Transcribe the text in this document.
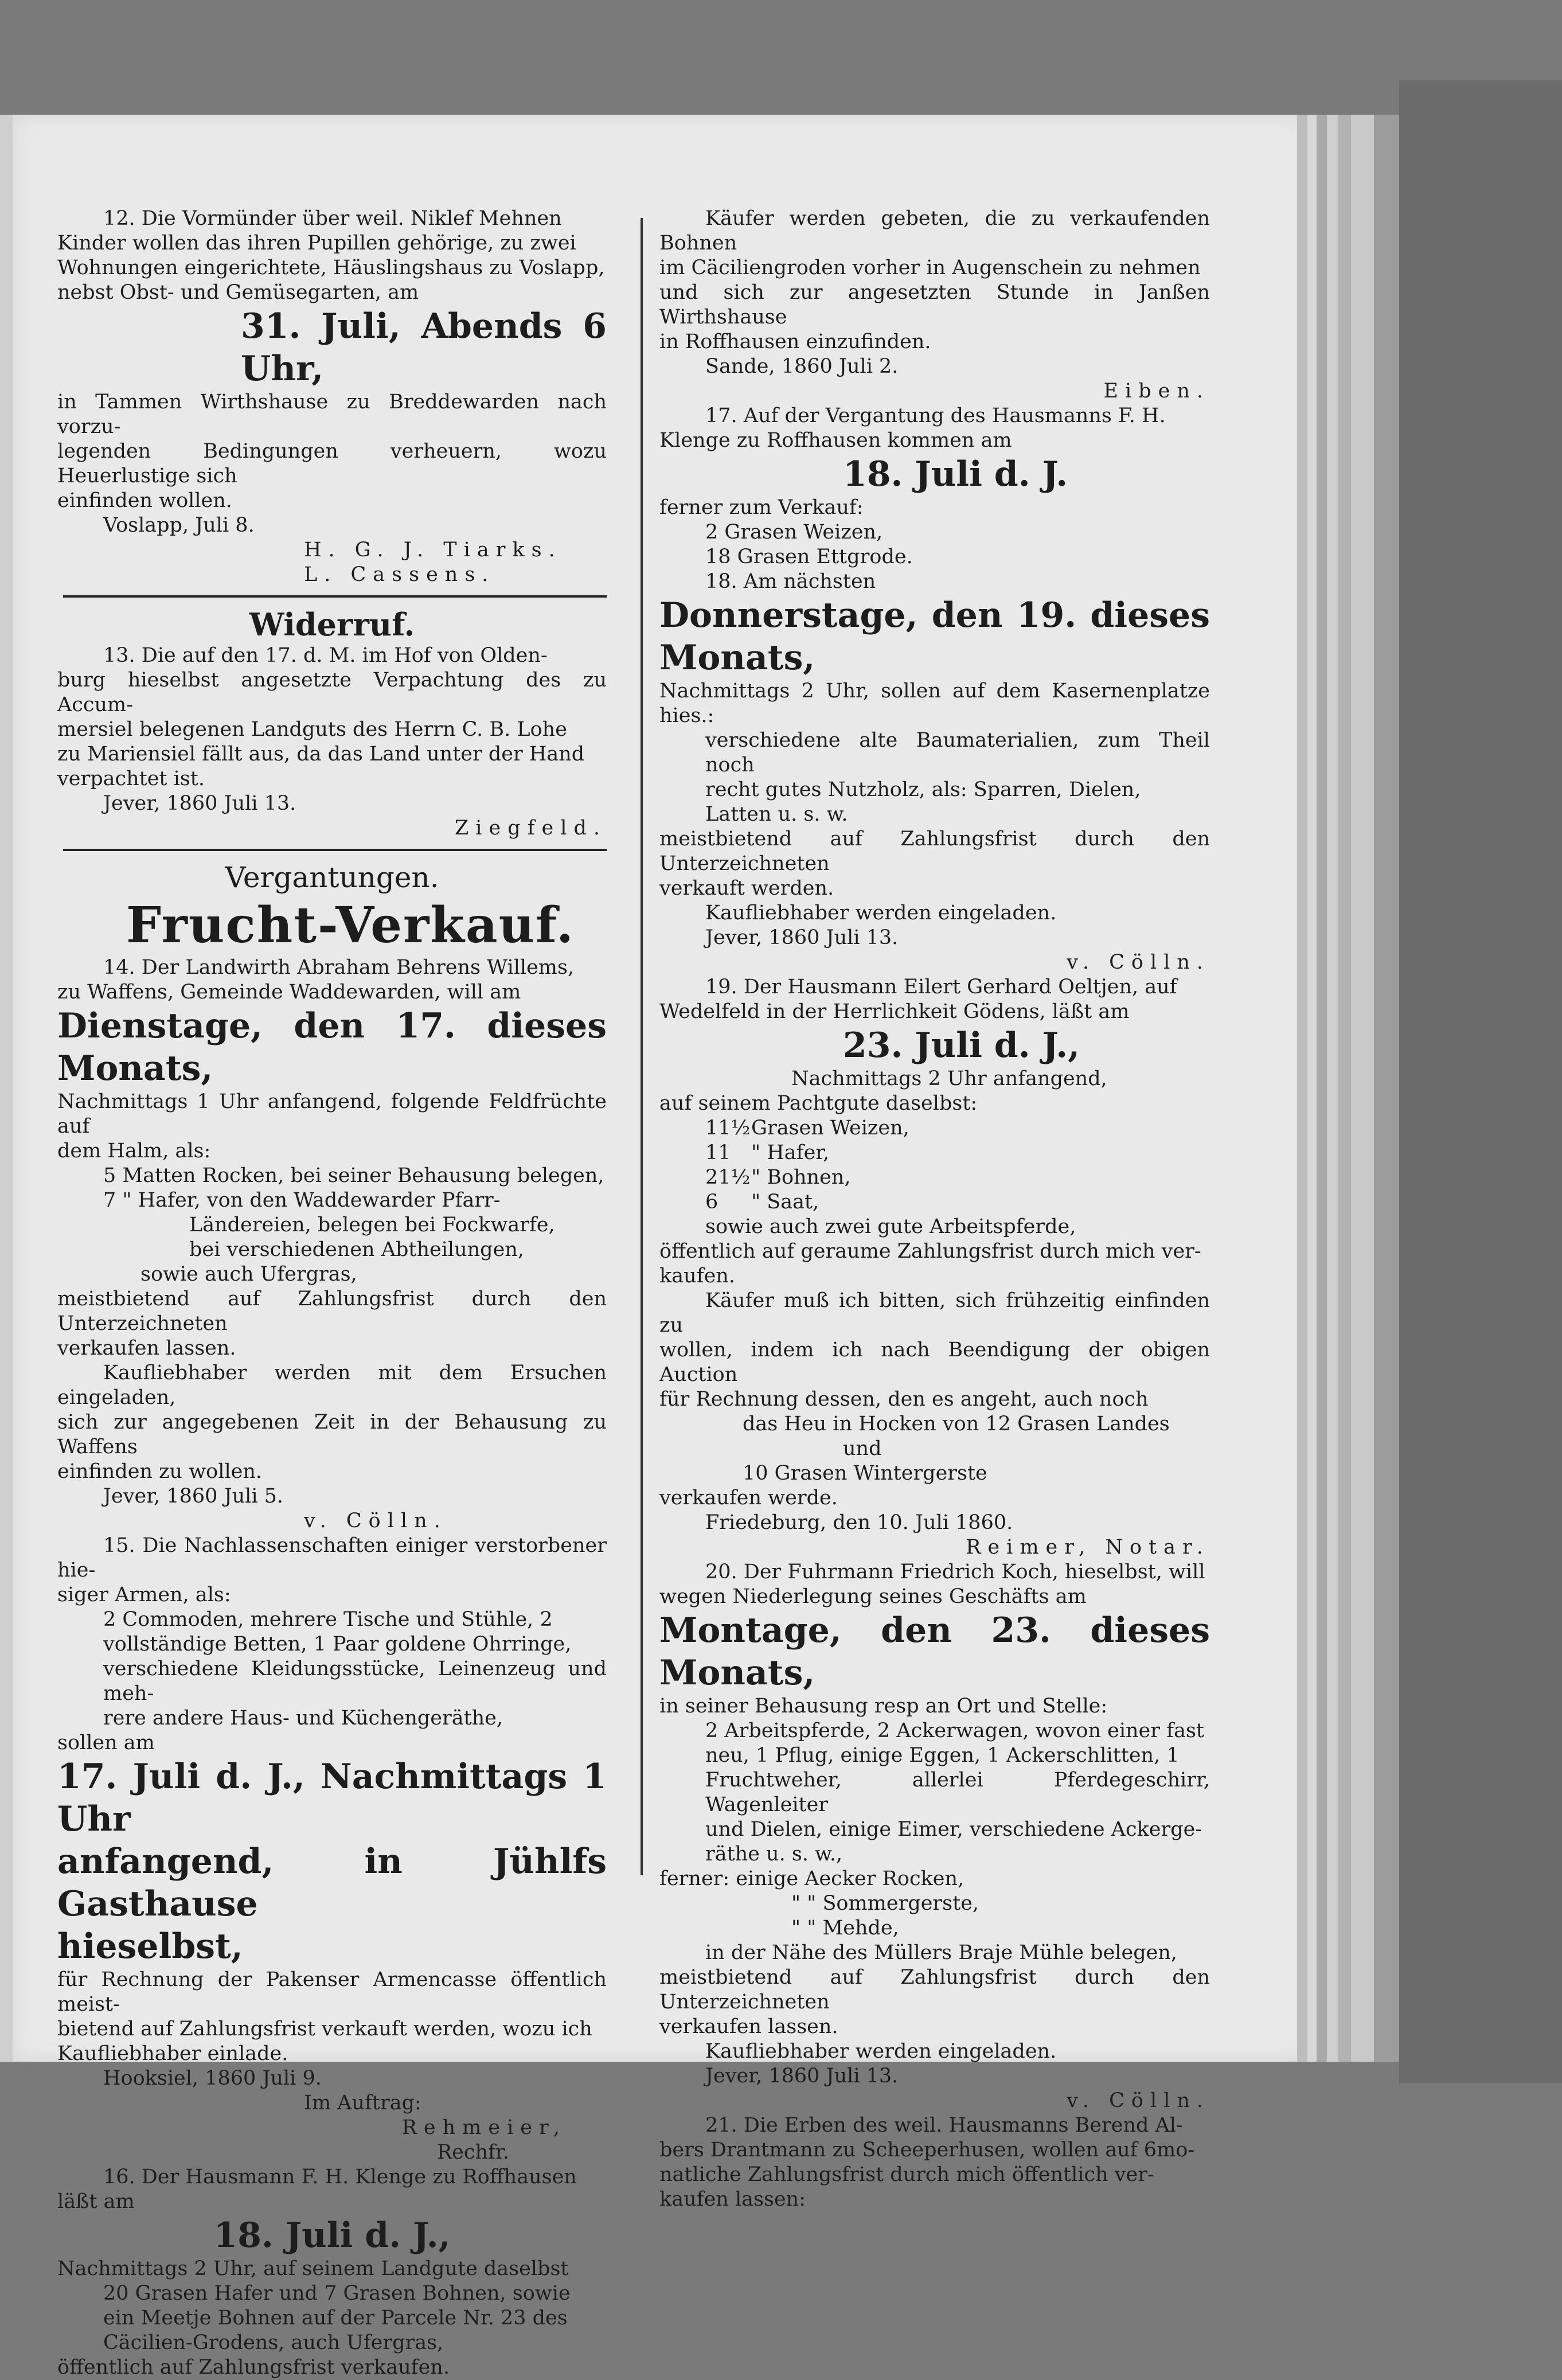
12. Die Vormünder über weil. Niklef Mehnen

Kinder wollen das ihren Pupillen gehörige, zu zwei

Wohnungen eingerichtete, Häuslingshaus zu Voslapp,

nebst Obst- und Gemüsegarten, am

31. Juli, Abends 6 Uhr,

in Tammen Wirthshause zu Breddewarden nach vorzu-

legenden Bedingungen verheuern, wozu Heuerlustige sich

einfinden wollen.

Voslapp, Juli 8.

H. G. J. Tiarks.

L. Cassens.

Widerruf.

13. Die auf den 17. d. M. im Hof von Olden-

burg hieselbst angesetzte Verpachtung des zu Accum-

mersiel belegenen Landguts des Herrn C. B. Lohe

zu Mariensiel fällt aus, da das Land unter der Hand

verpachtet ist.

Jever, 1860 Juli 13.

Ziegfeld.

Vergantungen.

Frucht-Verkauf.

14. Der Landwirth Abraham Behrens Willems,

zu Waffens, Gemeinde Waddewarden, will am

Dienstage, den 17. dieses Monats,

Nachmittags 1 Uhr anfangend, folgende Feldfrüchte auf

dem Halm, als:

5 Matten Rocken, bei seiner Behausung belegen,

7 " Hafer, von den Waddewarder Pfarr-

Ländereien, belegen bei Fockwarfe,

bei verschiedenen Abtheilungen,

sowie auch Ufergras,

meistbietend auf Zahlungsfrist durch den Unterzeichneten

verkaufen lassen.

Kaufliebhaber werden mit dem Ersuchen eingeladen,

sich zur angegebenen Zeit in der Behausung zu Waffens

einfinden zu wollen.

Jever, 1860 Juli 5.

v. Cölln.

15. Die Nachlassenschaften einiger verstorbener hie-

siger Armen, als:

2 Commoden, mehrere Tische und Stühle, 2

vollständige Betten, 1 Paar goldene Ohrringe,

verschiedene Kleidungsstücke, Leinenzeug und meh-

rere andere Haus- und Küchengeräthe,

sollen am

17. Juli d. J., Nachmittags 1 Uhr

anfangend, in Jühlfs Gasthause

hieselbst,

für Rechnung der Pakenser Armencasse öffentlich meist-

bietend auf Zahlungsfrist verkauft werden, wozu ich

Kaufliebhaber einlade.

Hooksiel, 1860 Juli 9.

Im Auftrag:

Rehmeier,

Rechfr.

16. Der Hausmann F. H. Klenge zu Roffhausen

läßt am

18. Juli d. J.,

Nachmittags 2 Uhr, auf seinem Landgute daselbst

20 Grasen Hafer und 7 Grasen Bohnen, sowie

ein Meetje Bohnen auf der Parcele Nr. 23 des

Cäcilien-Grodens, auch Ufergras,

öffentlich auf Zahlungsfrist verkaufen.

Käufer werden gebeten, die zu verkaufenden Bohnen

im Cäciliengroden vorher in Augenschein zu nehmen

und sich zur angesetzten Stunde in Janßen Wirthshause

in Roffhausen einzufinden.

Sande, 1860 Juli 2.

Eiben.

17. Auf der Vergantung des Hausmanns F. H.

Klenge zu Roffhausen kommen am

18. Juli d. J.

ferner zum Verkauf:

2 Grasen Weizen,

18 Grasen Ettgrode.

18. Am nächsten

Donnerstage, den 19. dieses Monats,

Nachmittags 2 Uhr, sollen auf dem Kasernenplatze hies.:

verschiedene alte Baumaterialien, zum Theil noch

recht gutes Nutzholz, als: Sparren, Dielen,

Latten u. s. w.

meistbietend auf Zahlungsfrist durch den Unterzeichneten

verkauft werden.

Kaufliebhaber werden eingeladen.

Jever, 1860 Juli 13.

v. Cölln.

19. Der Hausmann Eilert Gerhard Oeltjen, auf

Wedelfeld in der Herrlichkeit Gödens, läßt am

23. Juli d. J.,

Nachmittags 2 Uhr anfangend,

auf seinem Pachtgute daselbst:

11½ Grasen Weizen,
11	" Hafer,
21½ " Bohnen,
6	" Saat,

sowie auch zwei gute Arbeitspferde,

öffentlich auf geraume Zahlungsfrist durch mich ver-

kaufen.

Käufer muß ich bitten, sich frühzeitig einfinden zu

wollen, indem ich nach Beendigung der obigen Auction

für Rechnung dessen, den es angeht, auch noch

das Heu in Hocken von 12 Grasen Landes

und

10 Grasen Wintergerste

verkaufen werde.

Friedeburg, den 10. Juli 1860.

Reimer, Notar.

20. Der Fuhrmann Friedrich Koch, hieselbst, will

wegen Niederlegung seines Geschäfts am

Montage, den 23. dieses Monats,

in seiner Behausung resp an Ort und Stelle:

2 Arbeitspferde, 2 Ackerwagen, wovon einer fast

neu, 1 Pflug, einige Eggen, 1 Ackerschlitten, 1

Fruchtweher, allerlei Pferdegeschirr, Wagenleiter

und Dielen, einige Eimer, verschiedene Ackerge-

räthe u. s. w.,

ferner: einige Aecker Rocken,

" " Sommergerste,

" " Mehde,

in der Nähe des Müllers Braje Mühle belegen,

meistbietend auf Zahlungsfrist durch den Unterzeichneten

verkaufen lassen.

Kaufliebhaber werden eingeladen.

Jever, 1860 Juli 13.

v. Cölln.

21. Die Erben des weil. Hausmanns Berend Al-

bers Drantmann zu Scheeperhusen, wollen auf 6mo-

natliche Zahlungsfrist durch mich öffentlich ver-

kaufen lassen:
